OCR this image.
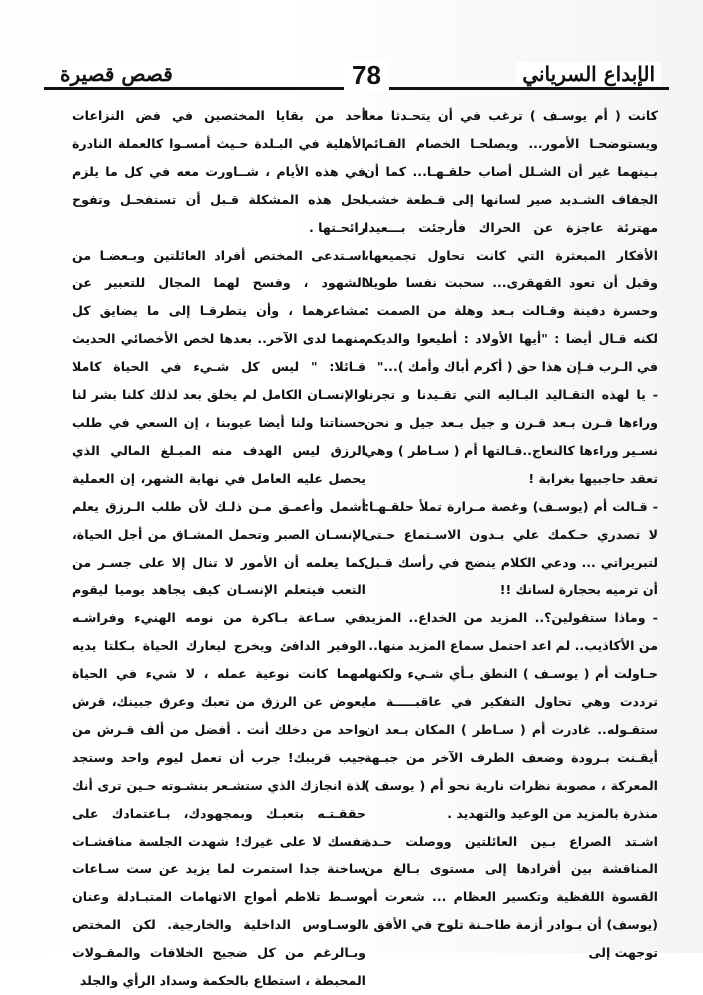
قصص قصيرة	78	الإبداع السرياني

كانت ( أم يوسـف ) ترغب في أن يتحـدثا معا ويستوضحـا الأمور... ويصلحـا الخصام القـائم بـينهما غير أن الشـلل أصاب حلقـهـا... كما أن الجفاف الشـديد صير لسانها إلى قـطعة خشب مهترئة عاجزة عن الحراك فأرجئت بـــعيدا الأفكار المبعثرة التي كانت تحاول تجميعها، وقبل أن تعود القهقرى... سحبت نفسا طويلا وحسرة دفينة وقـالت بـعد وهلة من الصمت : لكنه قـال أيضا : "أيها الأولاد : أطيعوا والديكم في الـرب فـإن هذا حق ( أكرم أباك وأمك )..."

- يا لهذه التقـاليد البـاليه التي تقـيدنا و تجرنا وراءها قـرن بـعد قـرن و جيل بـعد جيل و نحن نسـير وراءها كالنعاج..قـالتها أم ( سـاطر ) وهي تعقد حاجبيها بغرابة !

- قـالت أم (يوسـف) وغصة مـرارة تملأ حلقـهـا: لا تصدري حـكمك علي بـدون الاسـتماع حـتى لتبريراتي ... ودعي الكلام ينضج في رأسك قـبل أن ترميه بحجارة لسانك !!

- وماذا ستقولين؟.. المزيد من الخداع.. المزيد من الأكاذيب.. لم اعد احتمل سماع المزيد منها..

حـاولت أم ( يوسـف ) النطق بـأي شـيء ولكنها ترددت وهي تحاول التفكير في عاقبـــــة ما ستقـوله.. غادرت أم ( سـاطر ) المكان بـعد ان أيقـنت بـرودة وضعف الطرف الآخر من جبـهة المعركة ، مصوبة نظرات نارية نحو أم ( يوسف ) منذرة بالمزيد من الوعيد والتهديد .

اشـتد الصراع بـين العائلتين ووصلت حـدة المناقشة بين أفرادها إلى مستوى بـالغ من القسوة اللفظية وتكسير العظام ... شعرت أم (يوسف) أن بـوادر أزمة طاحـنة تلوح في الأفق ، توجهت إلى

أحد من بقايا المختصين في فض النزاعات الأهلية في البـلدة حـيث أمسـوا كالعملة النادرة في هذه الأيام ، شــاورت معه في كل ما يلزم لحل هذه المشكلة قـبل أن تستفحـل وتفوح رائحـتها .

اسـتدعى المختص أفراد العائلتين وبـعضـا من الشهود ، وفسح لهما المجال للتعبير عن مشاعرهما ، وأن يتطرقـا إلى ما يضايق كل منهما لدى الآخر.. بعدها لخص الأخصائي الحديث قـائلا: " ليس كل شـيء في الحياة كاملا والإنسـان الكامل لم يخلق بعد لذلك كلنا بشر لنا حسناتنا ولنا أيضا عيوبنا ، إن السعي في طلب الرزق ليس الهدف منه المبـلغ المالي الذي يحصل عليه العامل في نهاية الشهر، إن العملية أشمل وأعمـق مـن ذلـك لأن طلب الـرزق يعلم الإنسـان الصبر وتحمل المشـاق من أجل الحياة، كما يعلمه أن الأمور لا تنال إلا على جسـر من التعب فيتعلم الإنسـان كيف يجاهد يوميا ليقوم في سـاعة بـاكرة من نومه الهنيء وفراشـه الوفير الدافئ ويخرج ليعارك الحياة بـكلتا يديه مهما كانت نوعية عمله ، لا شيء في الحياة يعوض عن الرزق من تعبك وعرق جبينك، قرش واحد من دخلك أنت . أفضل من ألف قـرش من جيب قريبك! جرب أن تعمل ليوم واحد وستجد لذة انجازك الذي ستشـعر بنشـوته حـين ترى أنك حققـتـه بتعبـك وبمجهودك، بـاعتمادك على نفسك لا على غيرك! شهدت الجلسة مناقشـات ساخنة جدا استمرت لما يزيد عن ست سـاعات وسـط تلاطم أمواج الاتهامات المتبـادلة وعنان الوسـاوس الداخلية والخارجية. لكن المختص وبـالرغم من كل ضجيج الخلافات والمقـولات المحبطة ، استطاع بالحكمة وسداد الرأي والجلد
